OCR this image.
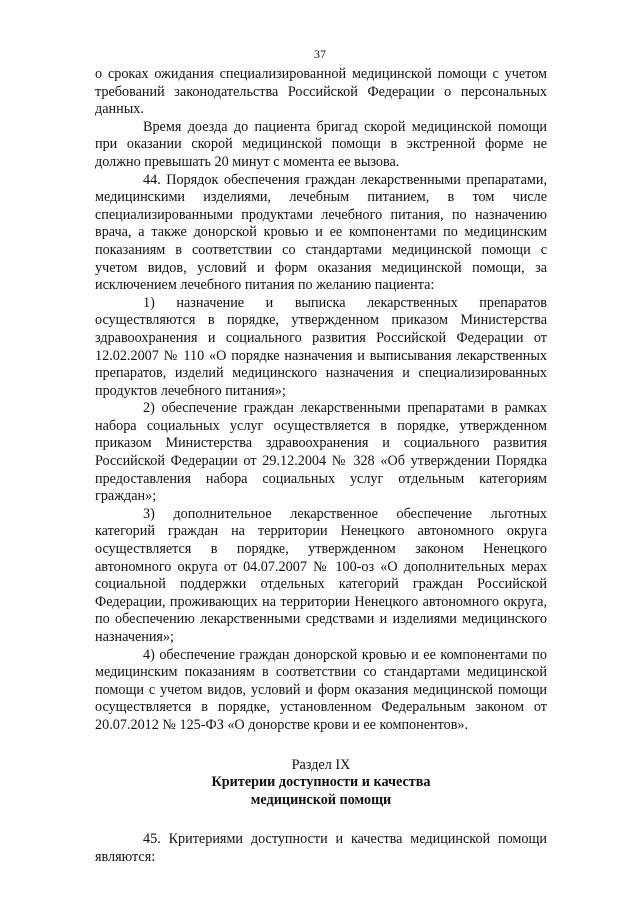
37

о сроках ожидания специализированной медицинской помощи с учетом требований законодательства Российской Федерации о персональных данных.

Время доезда до пациента бригад скорой медицинской помощи при оказании скорой медицинской помощи в экстренной форме не должно превышать 20 минут с момента ее вызова.

44. Порядок обеспечения граждан лекарственными препаратами, медицинскими изделиями, лечебным питанием, в том числе специализированными продуктами лечебного питания, по назначению врача, а также донорской кровью и ее компонентами по медицинским показаниям в соответствии со стандартами медицинской помощи с учетом видов, условий и форм оказания медицинской помощи, за исключением лечебного питания по желанию пациента:

1) назначение и выписка лекарственных препаратов осуществляются в порядке, утвержденном приказом Министерства здравоохранения и социального развития Российской Федерации от 12.02.2007 № 110 «О порядке назначения и выписывания лекарственных препаратов, изделий медицинского назначения и специализированных продуктов лечебного питания»;

2) обеспечение граждан лекарственными препаратами в рамках набора социальных услуг осуществляется в порядке, утвержденном приказом Министерства здравоохранения и социального развития Российской Федерации от 29.12.2004 № 328 «Об утверждении Порядка предоставления набора социальных услуг отдельным категориям граждан»;

3) дополнительное лекарственное обеспечение льготных категорий граждан на территории Ненецкого автономного округа осуществляется в порядке, утвержденном законом Ненецкого автономного округа от 04.07.2007 № 100-оз «О дополнительных мерах социальной поддержки отдельных категорий граждан Российской Федерации, проживающих на территории Ненецкого автономного округа, по обеспечению лекарственными средствами и изделиями медицинского назначения»;

4) обеспечение граждан донорской кровью и ее компонентами по медицинским показаниям в соответствии со стандартами медицинской помощи с учетом видов, условий и форм оказания медицинской помощи осуществляется в порядке, установленном Федеральным законом от 20.07.2012 № 125-ФЗ «О донорстве крови и ее компонентов».

Раздел IX

Критерии доступности и качества

медицинской помощи

45. Критериями доступности и качества медицинской помощи являются:
